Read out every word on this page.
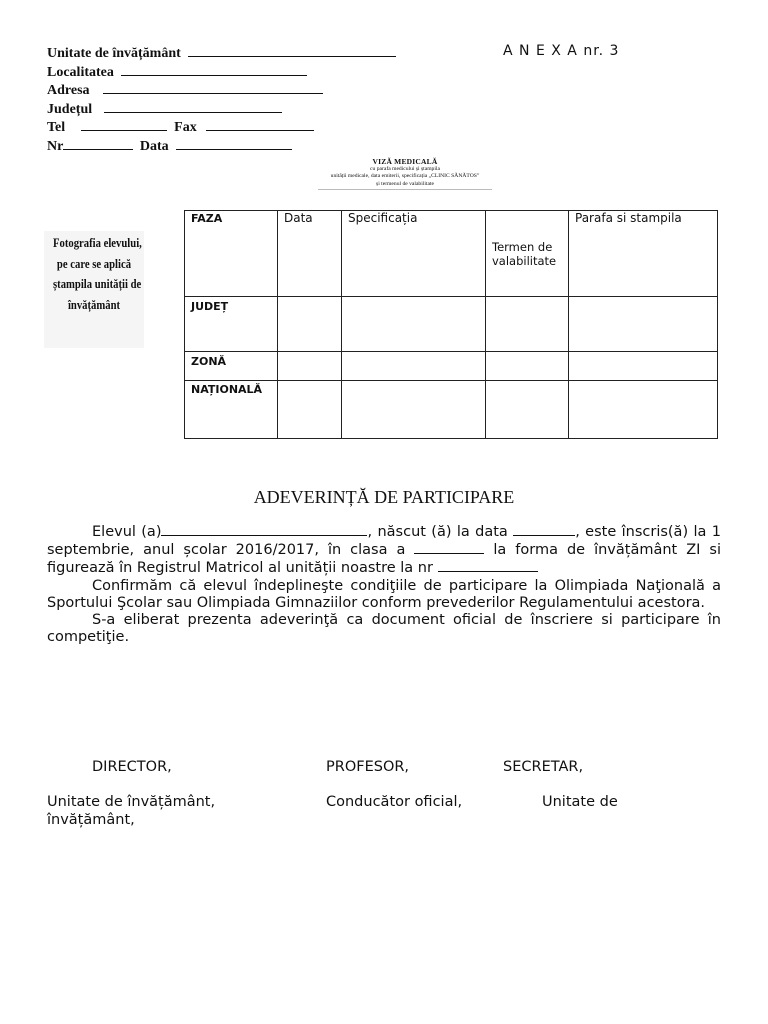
Unitate de învățământ
Localitatea
Adresa
Județul
Tel	Fax
Nr	Data
A N E X A nr. 3
VIZĂ MEDICALĂ
cu parafa medicului și ștampila
unității medicale, data emiterii, specificația „CLINIC SĂNĂTOS”
și termenul de valabilitate
Fotografia elevului,
pe care se aplică
ștampila unității de
învățământ
FAZA	Data	Specificația	Termen de valabilitate	Parafa si stampila
JUDEȚ				
ZONĂ				

NAȚIONALĂ				

ADEVERINȚĂ DE PARTICIPARE

Elevul (a)	, născut (ă) la data	, este înscris(ă) la 1 septembrie, anul școlar 2016/2017, în clasa a	la forma de învățământ ZI si figurează în Registrul Matricol al unității noastre la nr

Confirmăm că elevul îndeplineşte condiţiile de participare la Olimpiada Naţională a Sportului Şcolar sau Olimpiada Gimnaziilor conform prevederilor Regulamentului acestora.

S-a eliberat prezenta adeverinţă ca document oficial de înscriere si participare în competiţie.

DIRECTOR,	PROFESOR,	SECRETAR,
Unitate de învățământ,	Conducător oficial,	Unitate de
învățământ,
